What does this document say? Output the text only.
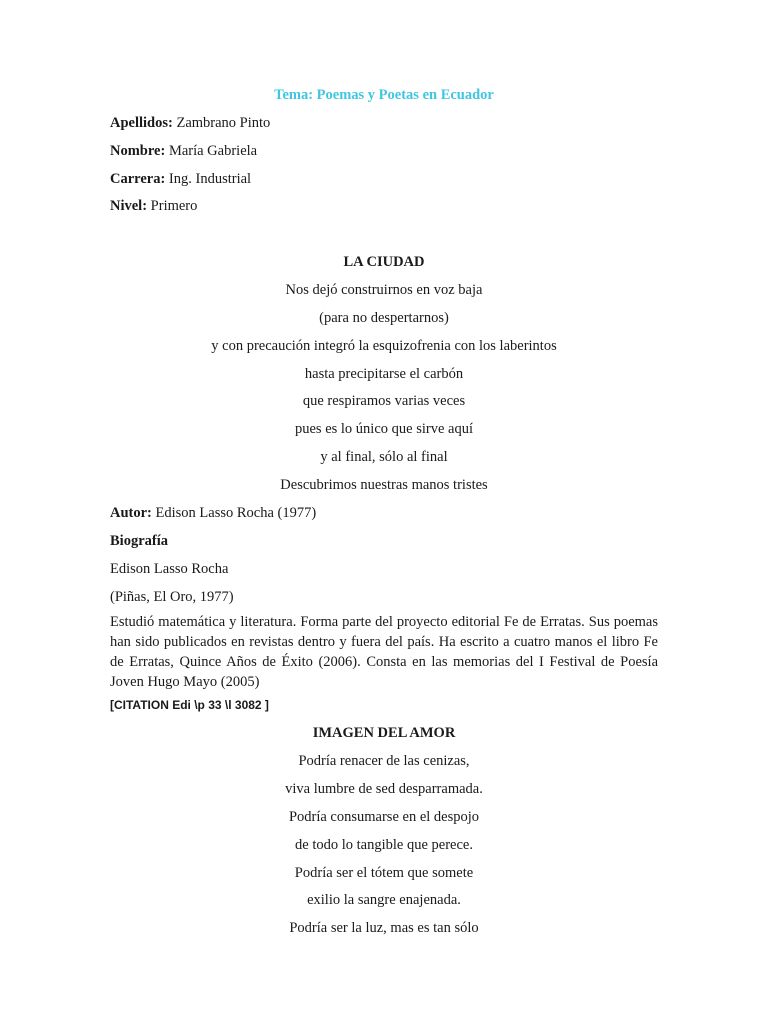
Tema: Poemas y Poetas en Ecuador
Apellidos: Zambrano Pinto
Nombre: María Gabriela
Carrera: Ing. Industrial
Nivel: Primero
LA CIUDAD
Nos dejó construirnos en voz baja
(para no despertarnos)
y con precaución integró la esquizofrenia con los laberintos
hasta precipitarse el carbón
que respiramos varias veces
pues es lo único que sirve aquí
y al final, sólo al final
Descubrimos nuestras manos tristes
Autor: Edison Lasso Rocha (1977)
Biografía
Edison Lasso Rocha
(Piñas, El Oro, 1977)
Estudió matemática y literatura. Forma parte del proyecto editorial Fe de Erratas. Sus poemas han sido publicados en revistas dentro y fuera del país. Ha escrito a cuatro manos el libro Fe de Erratas, Quince Años de Éxito (2006). Consta en las memorias del I Festival de Poesía Joven Hugo Mayo (2005)
[CITATION Edi \p 33 \l 3082 ]
IMAGEN DEL AMOR
Podría renacer de las cenizas,
viva lumbre de sed desparramada.
Podría consumarse en el despojo
de todo lo tangible que perece.
Podría ser el tótem que somete
exilio la sangre enajenada.
Podría ser la luz, mas es tan sólo
